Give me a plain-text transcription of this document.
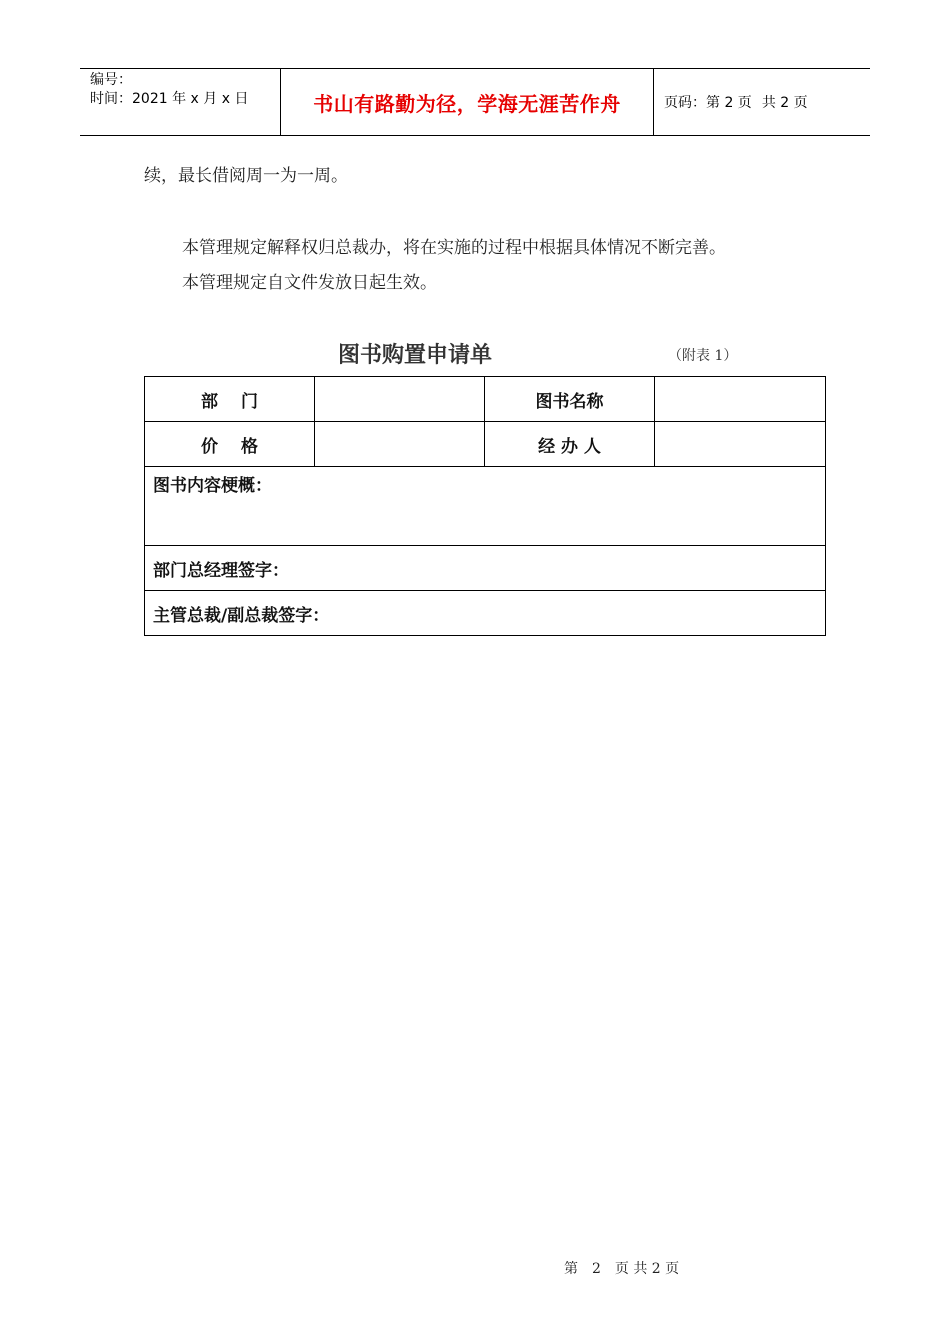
编号：
时间：2021 年 x 月 x 日	书山有路勤为径，学海无涯苦作舟	页码：第 2 页 共 2 页
续，最长借阅周一为一周。
本管理规定解释权归总裁办，将在实施的过程中根据具体情况不断完善。
本管理规定自文件发放日起生效。
图书购置申请单	（附表 1）
部　 门		图书名称	
价　 格		经 办 人	
图书内容梗概：			
部门总经理签字：			
主管总裁/副总裁签字：			
第　2　页 共 2 页
